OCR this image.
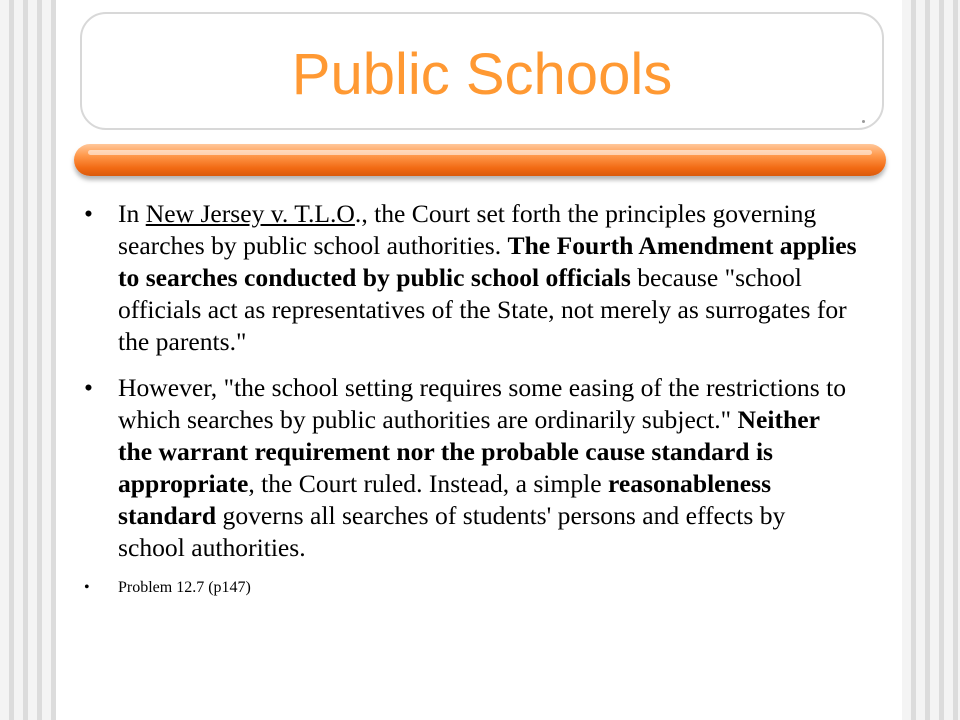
Public Schools
• In New Jersey v. T.L.O., the Court set forth the principles governing searches by public school authorities. The Fourth Amendment applies to searches conducted by public school officials because "school officials act as representatives of the State, not merely as surrogates for the parents."
• However, "the school setting requires some easing of the restrictions to which searches by public authorities are ordinarily subject." Neither the warrant requirement nor the probable cause standard is appropriate, the Court ruled. Instead, a simple reasonableness standard governs all searches of students' persons and effects by school authorities.
• Problem 12.7 (p147)
